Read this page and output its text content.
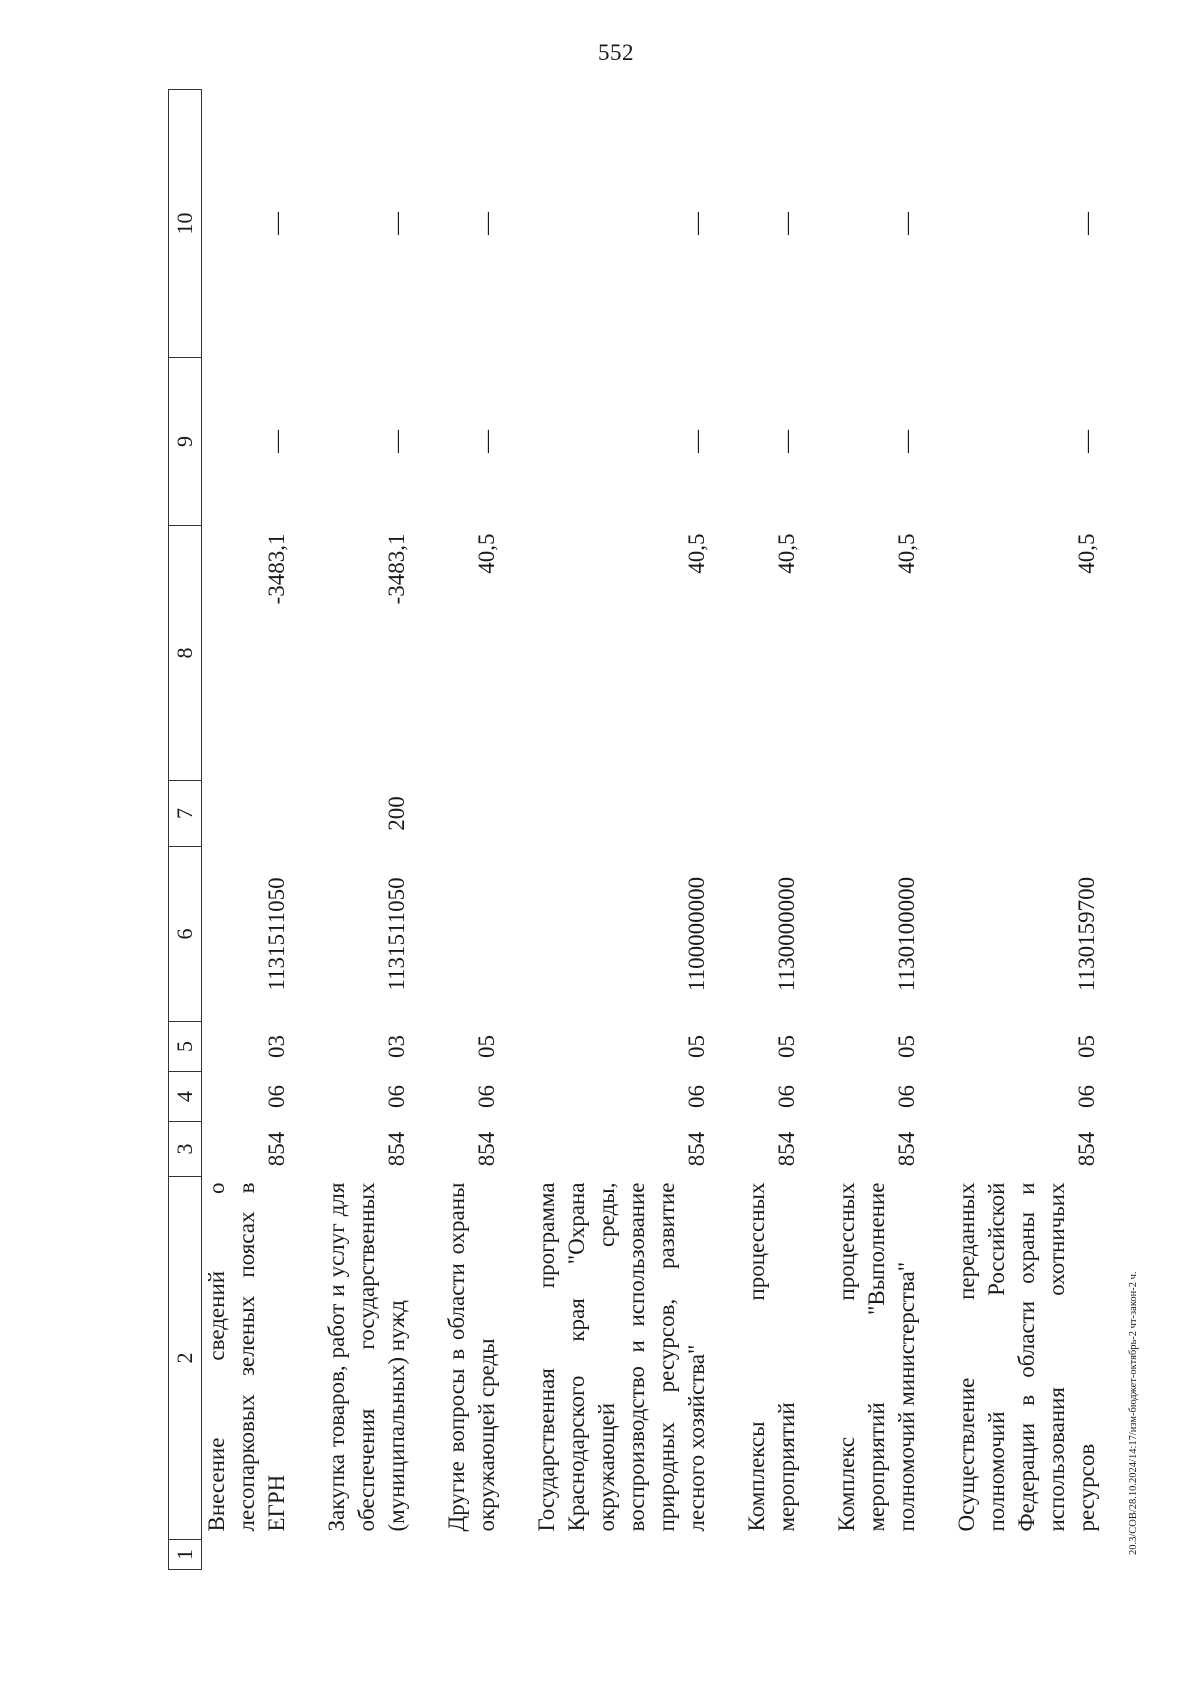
552
1	2	3	4	5	6	7	8	9	10
	Внесение сведений о лесопарковых зеленых поясах в ЕГРН	854	06	03	1131511050		-3483,1	—	—

	Закупка товаров, работ и услуг для обеспечения государственных (муниципальных) нужд	854	06	03	1131511050	200	-3483,1	—	—

	Другие вопросы в области охраны окружающей среды	854	06	05			40,5	—	—

	Государственная программа Краснодарского края "Охрана окружающей среды, воспроизводство и использование природных ресурсов, развитие лесного хозяйства"	854	06	05	1100000000		40,5	—	—

	Комплексы процессных мероприятий	854	06	05	1130000000		40,5	—	—

	Комплекс процессных мероприятий "Выполнение полномочий министерства"	854	06	05	1130100000		40,5	—	—

	Осуществление переданных полномочий Российской Федерации в области охраны и использования охотничьих ресурсов	854	06	05	1130159700		40,5	—	—
20.3/СОВ/28.10.2024/14:17/изм-бюджет-октябрь-2 чт-закон-2 ч.
